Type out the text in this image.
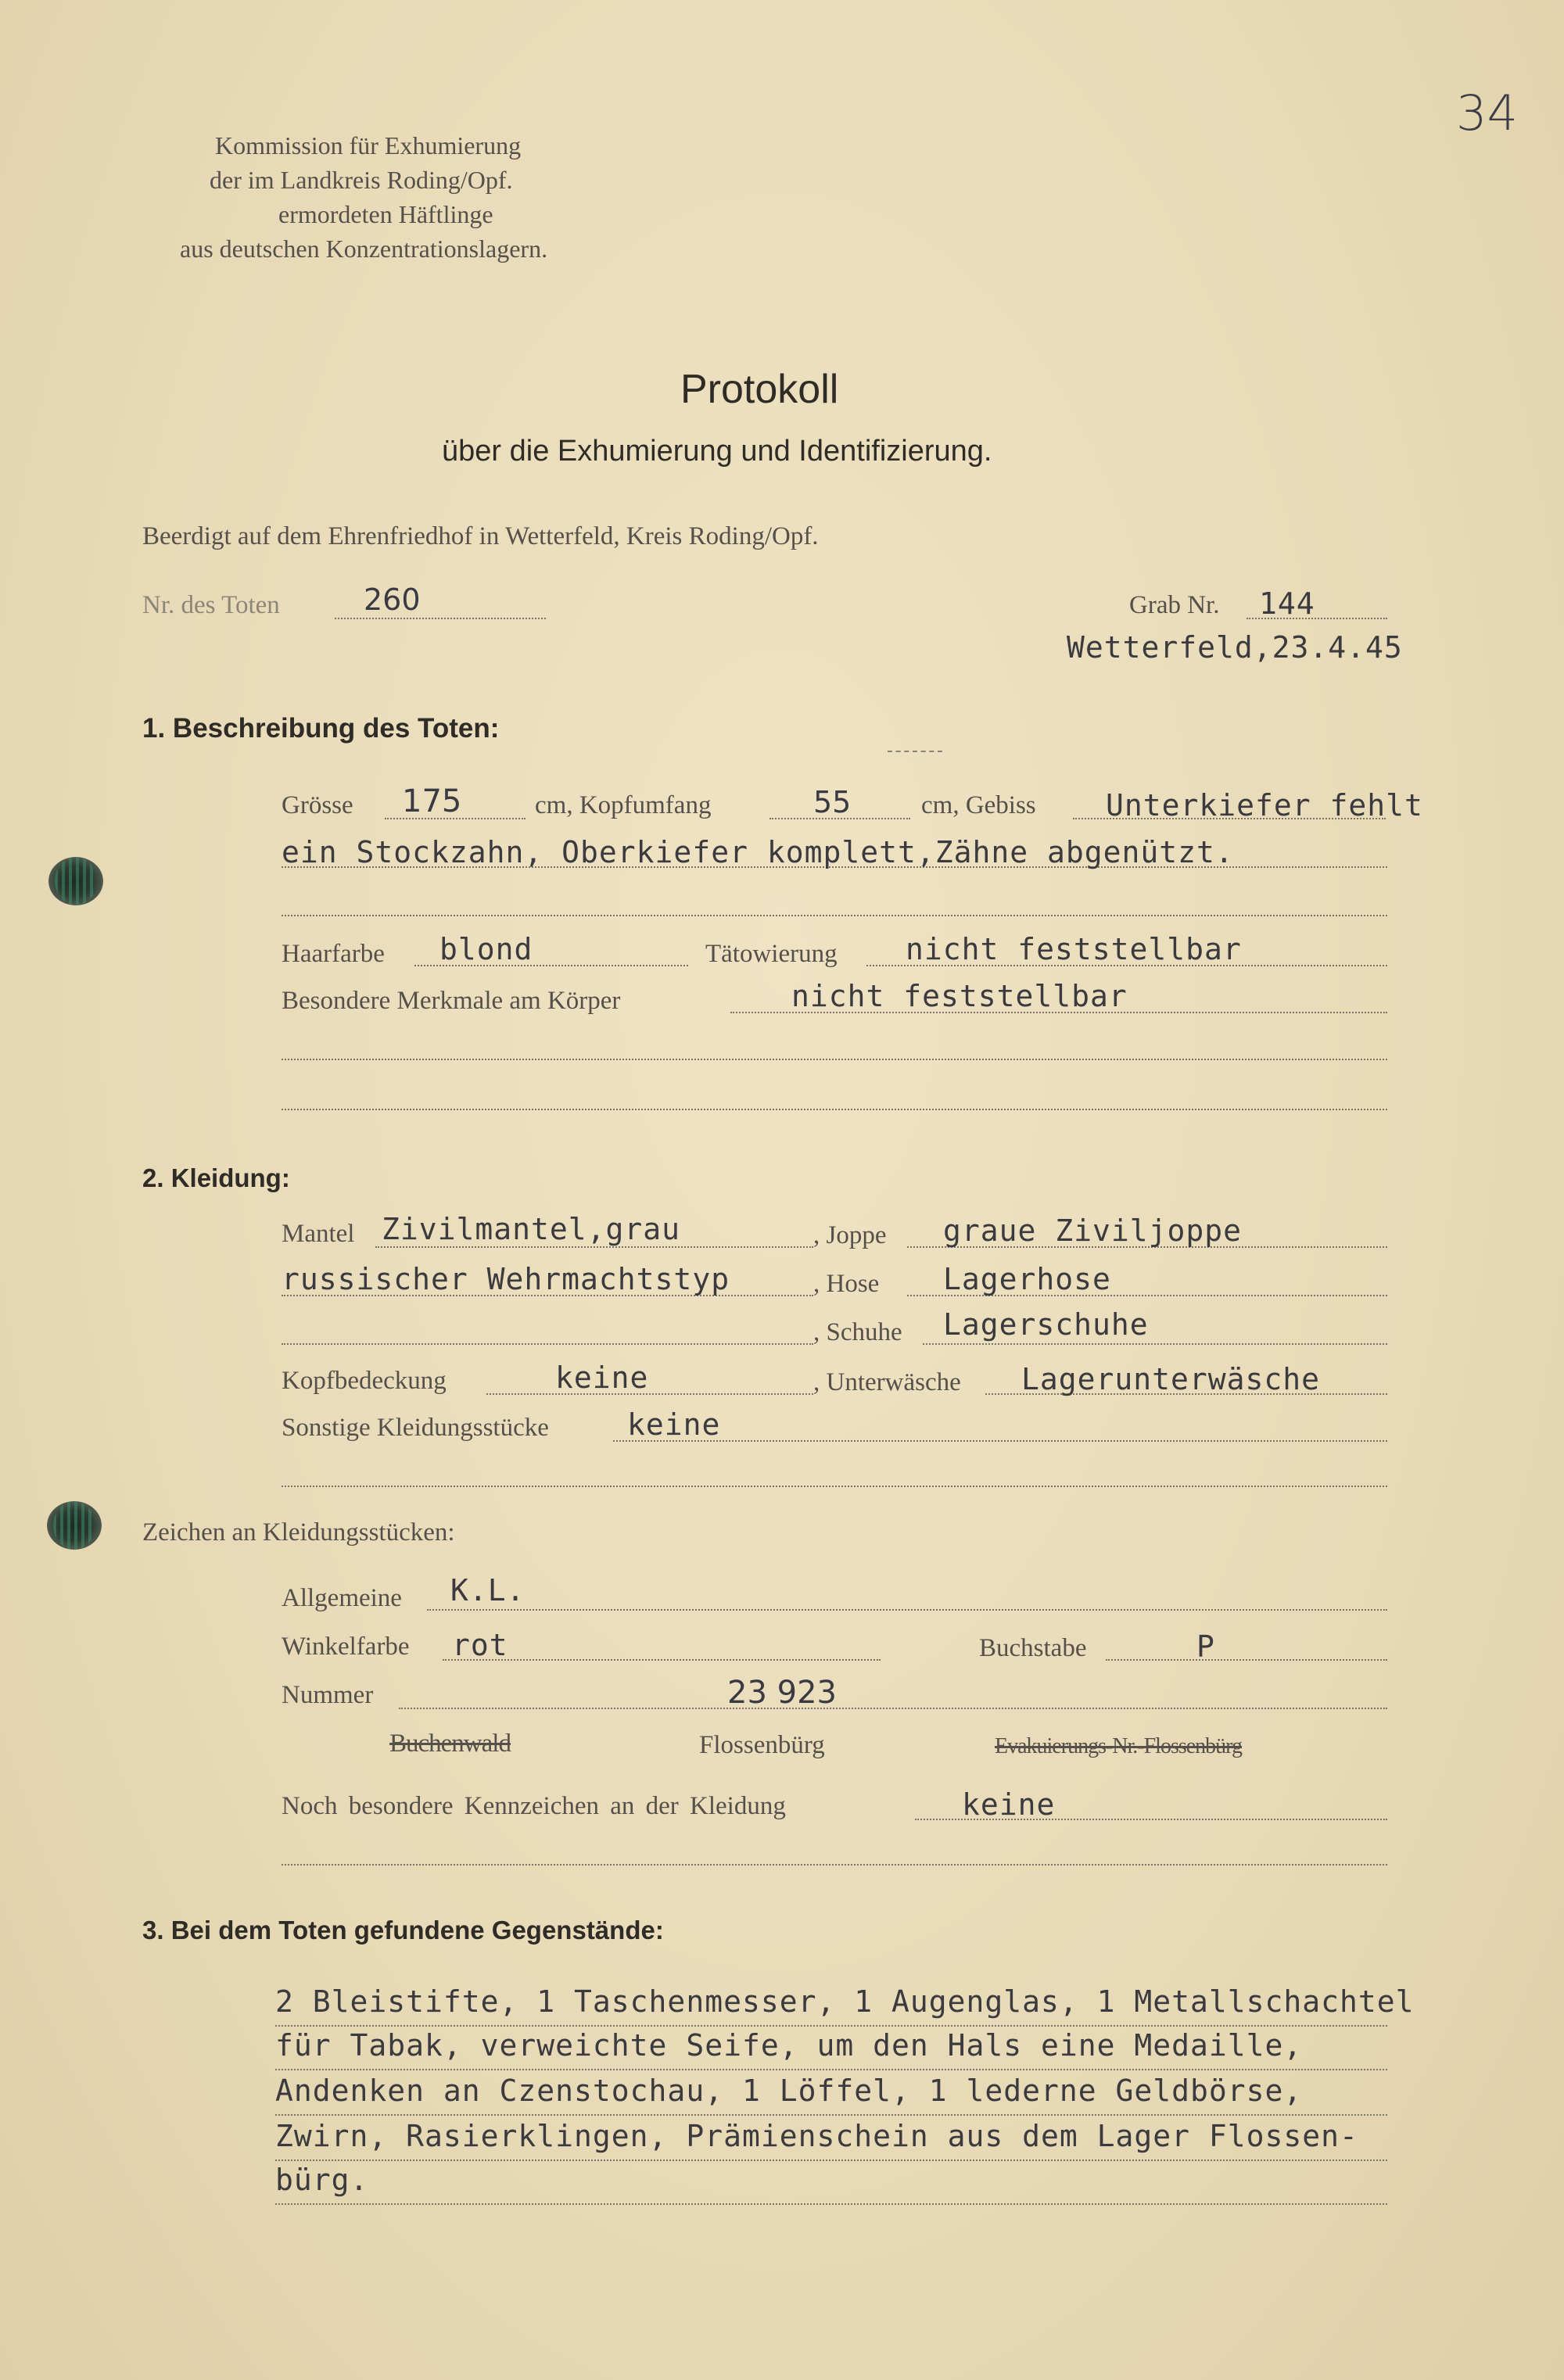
34
Kommission für Exhumierung
der im Landkreis Roding/Opf.
ermordeten Häftlinge
aus deutschen Konzentrationslagern.
Protokoll
über die Exhumierung und Identifizierung.
Beerdigt auf dem Ehrenfriedhof in Wetterfeld, Kreis Roding/Opf.
Nr. des Toten	260	Grab Nr. 144
Wetterfeld,23.4.45
1. Beschreibung des Toten:
Grösse 175	cm, Kopfumfang	55	cm, Gebiss Unterkiefer fehlt
ein Stockzahn, Oberkiefer komplett,Zähne abgenützt.
Haarfarbe blond	Tätowierung nicht feststellbar
Besondere Merkmale am Körper	nicht feststellbar
2. Kleidung:
Mantel Zivilmantel,grau	, Joppe graue Ziviljoppe
russischer Wehrmachtstyp	, Hose Lagerhose
, Schuhe Lagerschuhe
Kopfbedeckung	keine	, Unterwäsche Lagerunterwäsche
Sonstige Kleidungsstücke	keine
Zeichen an Kleidungsstücken:
Allgemeine K.L.
Winkelfarbe rot	Buchstabe	P
Nummer	23 923
Buchenwald	Flossenbürg	Evakuierungs-Nr.-Flossenbürg
Noch besondere Kennzeichen an der Kleidung	keine
3. Bei dem Toten gefundene Gegenstände:
2 Bleistifte, 1 Taschenmesser, 1 Augenglas, 1 Metallschachtel
für Tabak, verweichte Seife, um den Hals eine Medaille,
Andenken an Czenstochau, 1 Löffel, 1 lederne Geldbörse,
Zwirn, Rasierklingen, Prämienschein aus dem Lager Flossen-
bürg.
